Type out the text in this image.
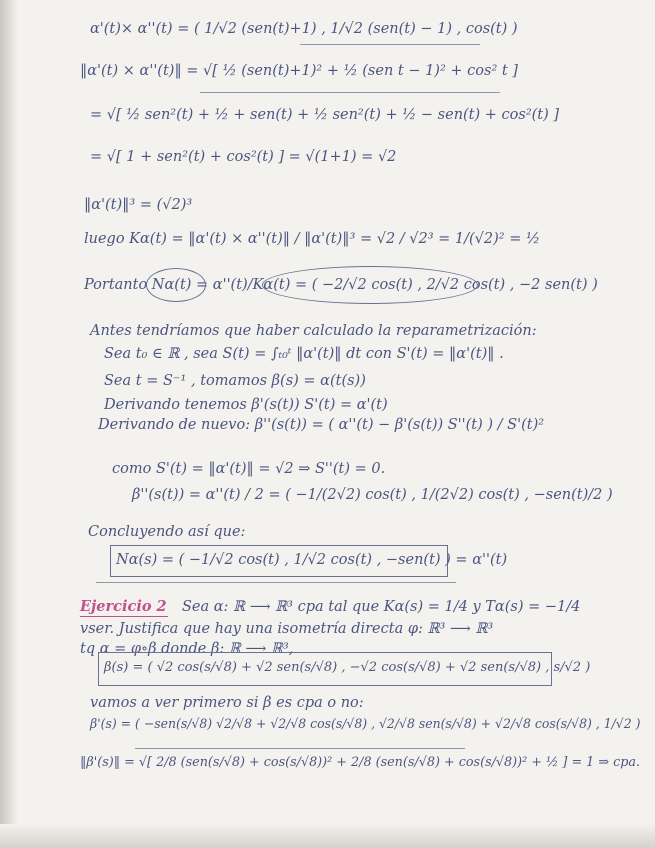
α'(t)× α''(t) = ( 1/√2 (sen(t)+1) , 1/√2 (sen(t) − 1) , cos(t) )
‖α'(t) × α''(t)‖ = √[ ½ (sen(t)+1)² + ½ (sen t − 1)² + cos² t ]
= √[ ½ sen²(t) + ½ + sen(t) + ½ sen²(t) + ½ − sen(t) + cos²(t) ]
= √[ 1 + sen²(t) + cos²(t) ] = √(1+1) = √2
‖α'(t)‖³ = (√2)³
luego Kα(t) = ‖α'(t) × α''(t)‖ / ‖α'(t)‖³ = √2 / √2³ = 1/(√2)² = ½
Portanto Nα(t) = α''(t)/Kα(t) = ( −2/√2 cos(t) , 2/√2 cos(t) , −2 sen(t) )
Antes tendríamos que haber calculado la reparametrización:
Sea t₀ ∈ ℝ , sea S(t) = ∫ₜ₀ᵗ ‖α'(t)‖ dt con S'(t) = ‖α'(t)‖ .
Sea t = S⁻¹ , tomamos β(s) = α(t(s))
Derivando tenemos β'(s(t)) S'(t) = α'(t)
Derivando de nuevo: β''(s(t)) = ( α''(t) − β'(s(t)) S''(t) ) / S'(t)²
como S'(t) = ‖α'(t)‖ = √2 ⇒ S''(t) = 0.
β''(s(t)) = α''(t) / 2 = ( −1/(2√2) cos(t) , 1/(2√2) cos(t) , −sen(t)/2 )
Concluyendo así que:
Nα(s) = ( −1/√2 cos(t) , 1/√2 cos(t) , −sen(t) ) = α''(t)
Ejercicio 2 Sea α: ℝ ⟶ ℝ³ cpa tal que Kα(s) = 1/4 y Tα(s) = −1/4
vser. Justifica que hay una isometría directa φ: ℝ³ ⟶ ℝ³
tq α = φ∘β donde β: ℝ ⟶ ℝ³,
β(s) = ( √2 cos(s/√8) + √2 sen(s/√8) , −√2 cos(s/√8) + √2 sen(s/√8) , s/√2 )
vamos a ver primero si β es cpa o no:
β'(s) = ( −sen(s/√8) √2/√8 + √2/√8 cos(s/√8) , √2/√8 sen(s/√8) + √2/√8 cos(s/√8) , 1/√2 )
‖β'(s)‖ = √[ 2/8 (sen(s/√8) + cos(s/√8))² + 2/8 (sen(s/√8) + cos(s/√8))² + ½ ] = 1 ⇒ cpa.
